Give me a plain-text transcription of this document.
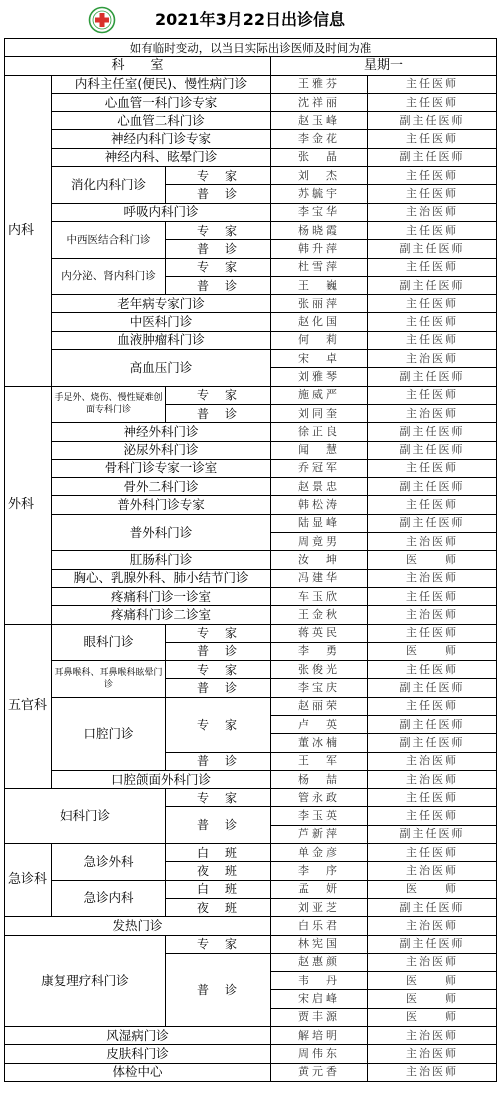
2021年3月22日出诊信息
如有临时变动，以当日实际出诊医师及时间为准				
科　　室			星期一	
内科	内科主任室(便民)、慢性病门诊		王雅芬	主任医师
	心血管一科门诊专家		沈祥丽	主任医师
	心血管二科门诊		赵玉峰	副主任医师
	神经内科门诊专家		李金花	主任医师
	神经内科、眩晕门诊		张　晶	副主任医师
	消化内科门诊	专　家	刘　杰	主任医师
		普　诊	苏毓宇	主任医师
	呼吸内科门诊		李宝华	主治医师
	中西医结合科门诊	专　家	杨晓霞	主任医师
		普　诊	韩升萍	副主任医师
	内分泌、肾内科门诊	专　家	杜雪萍	主任医师
		普　诊	王　巍	副主任医师
	老年病专家门诊		张丽萍	主任医师
	中医科门诊		赵化国	主任医师
	血液肿瘤科门诊		何　莉	主任医师
	高血压门诊		宋　卓	主治医师
			刘雅琴	副主任医师
外科	手足外、烧伤、慢性疑难创面专科门诊	专　家	施威严	主任医师
		普　诊	刘同奎	主治医师
	神经外科门诊		徐正良	副主任医师
	泌尿外科门诊		闻　慧	副主任医师
	骨科门诊专家一诊室		乔冠军	主任医师
	骨外二科门诊		赵景忠	副主任医师
	普外科门诊专家		韩松涛	主任医师
	普外科门诊		陆显峰	副主任医师
			周竟男	主治医师
	肛肠科门诊		汝　坤	医　　师
	胸心、乳腺外科、肺小结节门诊		冯建华	主治医师
	疼痛科门诊一诊室		车玉欣	主任医师
	疼痛科门诊二诊室		王金秋	主治医师
五官科	眼科门诊	专　家	蒋英民	主任医师
		普　诊	李　勇	医　　师
	耳鼻喉科、耳鼻喉科眩晕门诊	专　家	张俊光	主任医师
		普　诊	李宝庆	副主任医师
	口腔门诊	专　家	赵丽荣	主任医师
			卢　英	副主任医师
			董冰楠	副主任医师
		普　诊	王　军	主治医师
	口腔颌面外科门诊		杨　喆	主治医师
妇科门诊		专　家	管永政	主任医师
		普　诊	李玉英	主任医师
			芦新萍	副主任医师
急诊科	急诊外科	白　班	单金彦	主任医师
		夜　班	李　序	主治医师
	急诊内科	白　班	孟　妍	医　　师
		夜　班	刘亚芝	副主任医师
发热门诊			白乐君	主治医师
康复理疗科门诊		专　家	林宪国	副主任医师
		普　诊	赵惠颜	主治医师
			韦　丹	医　　师
			宋启峰	医　　师
			贾丰源	医　　师
风湿病门诊			解培明	主治医师
皮肤科门诊			周伟东	主治医师
体检中心			黄元香	主治医师
